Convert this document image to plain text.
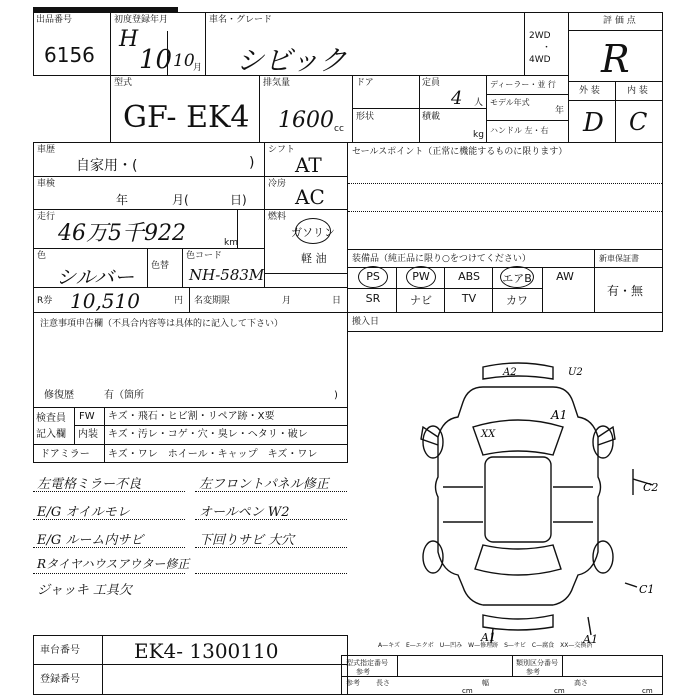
出品番号
6156
初度登録年月
H
10 10
月
車名・グレード
シビック
2WD
・
4WD
評 価 点
R
型式
GF- EK4
排気量
1600 cc
ドア
形状
定員
4 人
積載
kg
ディーラー・並 行
モデル年式
年
ハンドル 左・右
外 装	内 装
D C
車歴
自家用・(	)
シフト
AT
セールスポイント（正常に機能するものに限ります）
車検
年	月(	日)
冷房
AC
走行
46万5千922	km
燃料
ガソリン
軽 油
色
シルバー 色替
色コード
NH-583M
R券 10,510	円 名変期限	月	日
装備品（純正品に限り○をつけてください）
PS	PW	ABS	エアB	AW
SR	ナビ	TV	カワ
新車保証書
有・無
注意事項申告欄（不具合内容等は具体的に記入して下さい）
修復歴	有（箇所	)
搬入日
検査員
記入欄
FW キズ・飛石・ヒビ割・リペア跡・X要
内装 キズ・汚レ・コゲ・穴・臭レ・ヘタリ・破レ
ドアミラー キズ・ワレ　ホイール・キャップ　キズ・ワレ
左電格ミラー不良
E/G オイルモレ
E/G ルーム内サビ
Rタイヤハウスアウター修正
ジャッキ 工具欠
左フロントパネル修正
オールペン W2
下回りサビ 大穴
A2	U2
A1
XX
C2
C1
A1	A1
A—キズ　E—エクボ　U—凹み　W—修理跡　S—サビ　C—腐食　XX—交換済
車台番号	EK4- 1300110
登録番号
型式指定番号
参考
類別区分番号
参考
参考 長さ
cm
幅
cm
高さ
cm
